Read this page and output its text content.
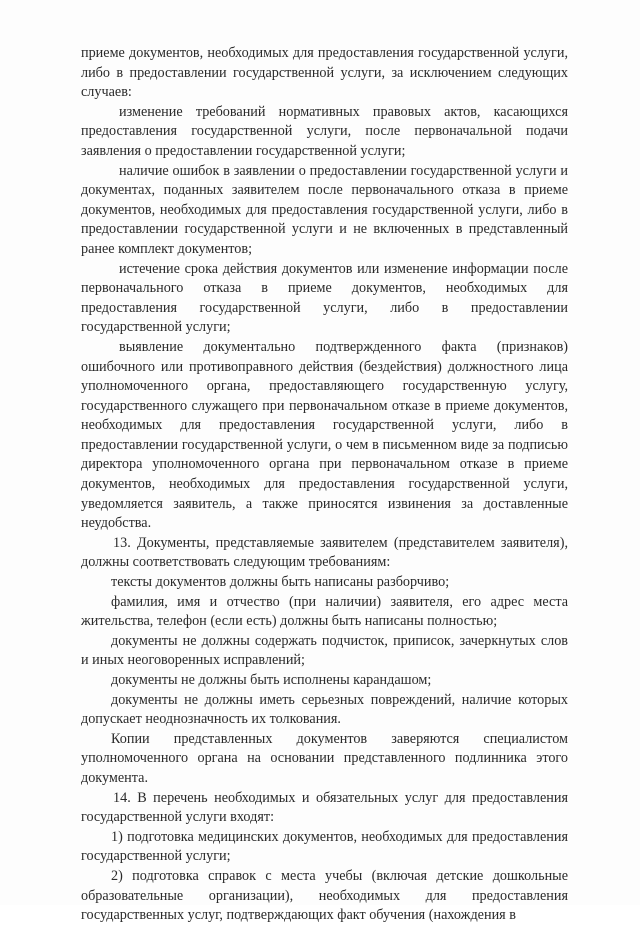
приеме документов, необходимых для предоставления государственной услуги, либо в предоставлении государственной услуги, за исключением следующих случаев:

изменение требований нормативных правовых актов, касающихся предоставления государственной услуги, после первоначальной подачи заявления о предоставлении государственной услуги;

наличие ошибок в заявлении о предоставлении государственной услуги и документах, поданных заявителем после первоначального отказа в приеме документов, необходимых для предоставления государственной услуги, либо в предоставлении государственной услуги и не включенных в представленный ранее комплект документов;

истечение срока действия документов или изменение информации после первоначального отказа в приеме документов, необходимых для предоставления государственной услуги, либо в предоставлении государственной услуги;

выявление документально подтвержденного факта (признаков) ошибочного или противоправного действия (бездействия) должностного лица уполномоченного органа, предоставляющего государственную услугу, государственного служащего при первоначальном отказе в приеме документов, необходимых для предоставления государственной услуги, либо в предоставлении государственной услуги, о чем в письменном виде за подписью директора уполномоченного органа при первоначальном отказе в приеме документов, необходимых для предоставления государственной услуги, уведомляется заявитель, а также приносятся извинения за доставленные неудобства.

13. Документы, представляемые заявителем (представителем заявителя), должны соответствовать следующим требованиям:

тексты документов должны быть написаны разборчиво;

фамилия, имя и отчество (при наличии) заявителя, его адрес места жительства, телефон (если есть) должны быть написаны полностью;

документы не должны содержать подчисток, приписок, зачеркнутых слов и иных неоговоренных исправлений;

документы не должны быть исполнены карандашом;

документы не должны иметь серьезных повреждений, наличие которых допускает неоднозначность их толкования.

Копии представленных документов заверяются специалистом уполномоченного органа на основании представленного подлинника этого документа.

14. В перечень необходимых и обязательных услуг для предоставления государственной услуги входят:

1) подготовка медицинских документов, необходимых для предоставления государственной услуги;

2) подготовка справок с места учебы (включая детские дошкольные образовательные организации), необходимых для предоставления государственных услуг, подтверждающих факт обучения (нахождения в
